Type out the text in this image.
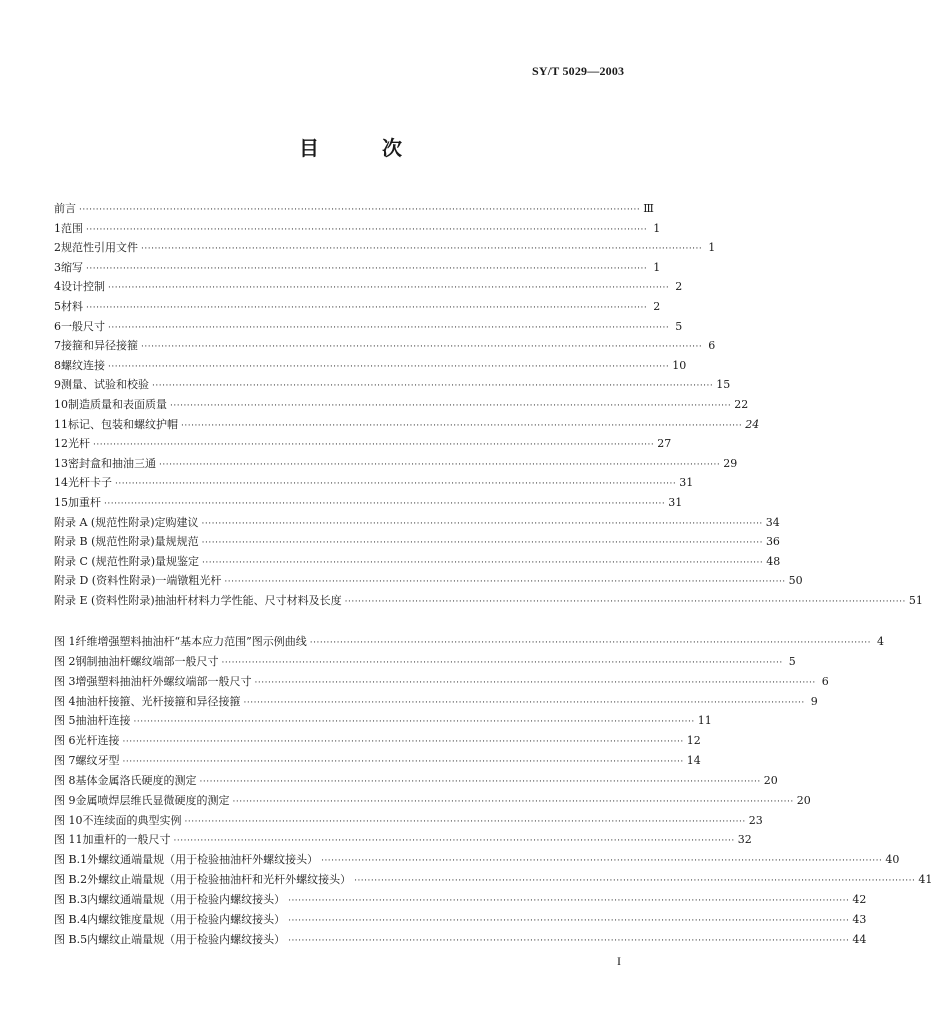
SY/T 5029—2003
目 次
前言 ·····	Ⅲ
1 范围 ·····	1
2 规范性引用文件 ·····	1
3 缩写 ·····	1
4 设计控制 ·····	2
5 材料 ·····	2
6 一般尺寸 ·····	5
7 接箍和异径接箍 ·····	6
8 螺纹连接 ·····	10
9 测量、试验和校验 ·····	15
10 制造质量和表面质量 ·····	22
11 标记、包装和螺纹护帽 ·····	24
12 光杆 ·····	27
13 密封盒和抽油三通 ·····	29
14 光杆卡子 ·····	31
15 加重杆 ·····	31
附录 A (规范性附录) 定购建议 ·····	34
附录 B (规范性附录) 量规规范 ·····	36
附录 C (规范性附录) 量规鉴定 ·····	48
附录 D (资料性附录) 一端镦粗光杆 ·····	50
附录 E (资料性附录) 抽油杆材料力学性能、尺寸材料及长度 ·····	51
图 1 纤维增强塑料抽油杆“基本应力范围”图示例曲线 ·····	4
图 2 钢制抽油杆螺纹端部一般尺寸 ·····	5
图 3 增强塑料抽油杆外螺纹端部一般尺寸 ·····	6
图 4 抽油杆接箍、光杆接箍和异径接箍 ·····	9
图 5 抽油杆连接 ·····	11
图 6 光杆连接 ·····	12
图 7 螺纹牙型 ·····	14
图 8 基体金属洛氏硬度的测定 ·····	20
图 9 金属喷焊层维氏显微硬度的测定 ·····	20
图 10 不连续面的典型实例 ·····	23
图 11 加重杆的一般尺寸 ·····	32
图 B.1 外螺纹通端量规（用于检验抽油杆外螺纹接头） ·····	40
图 B.2 外螺纹止端量规（用于检验抽油杆和光杆外螺纹接头） ·····	41
图 B.3 内螺纹通端量规（用于检验内螺纹接头） ·····	42
图 B.4 内螺纹锥度量规（用于检验内螺纹接头） ·····	43
图 B.5 内螺纹止端量规（用于检验内螺纹接头） ·····	44
I
